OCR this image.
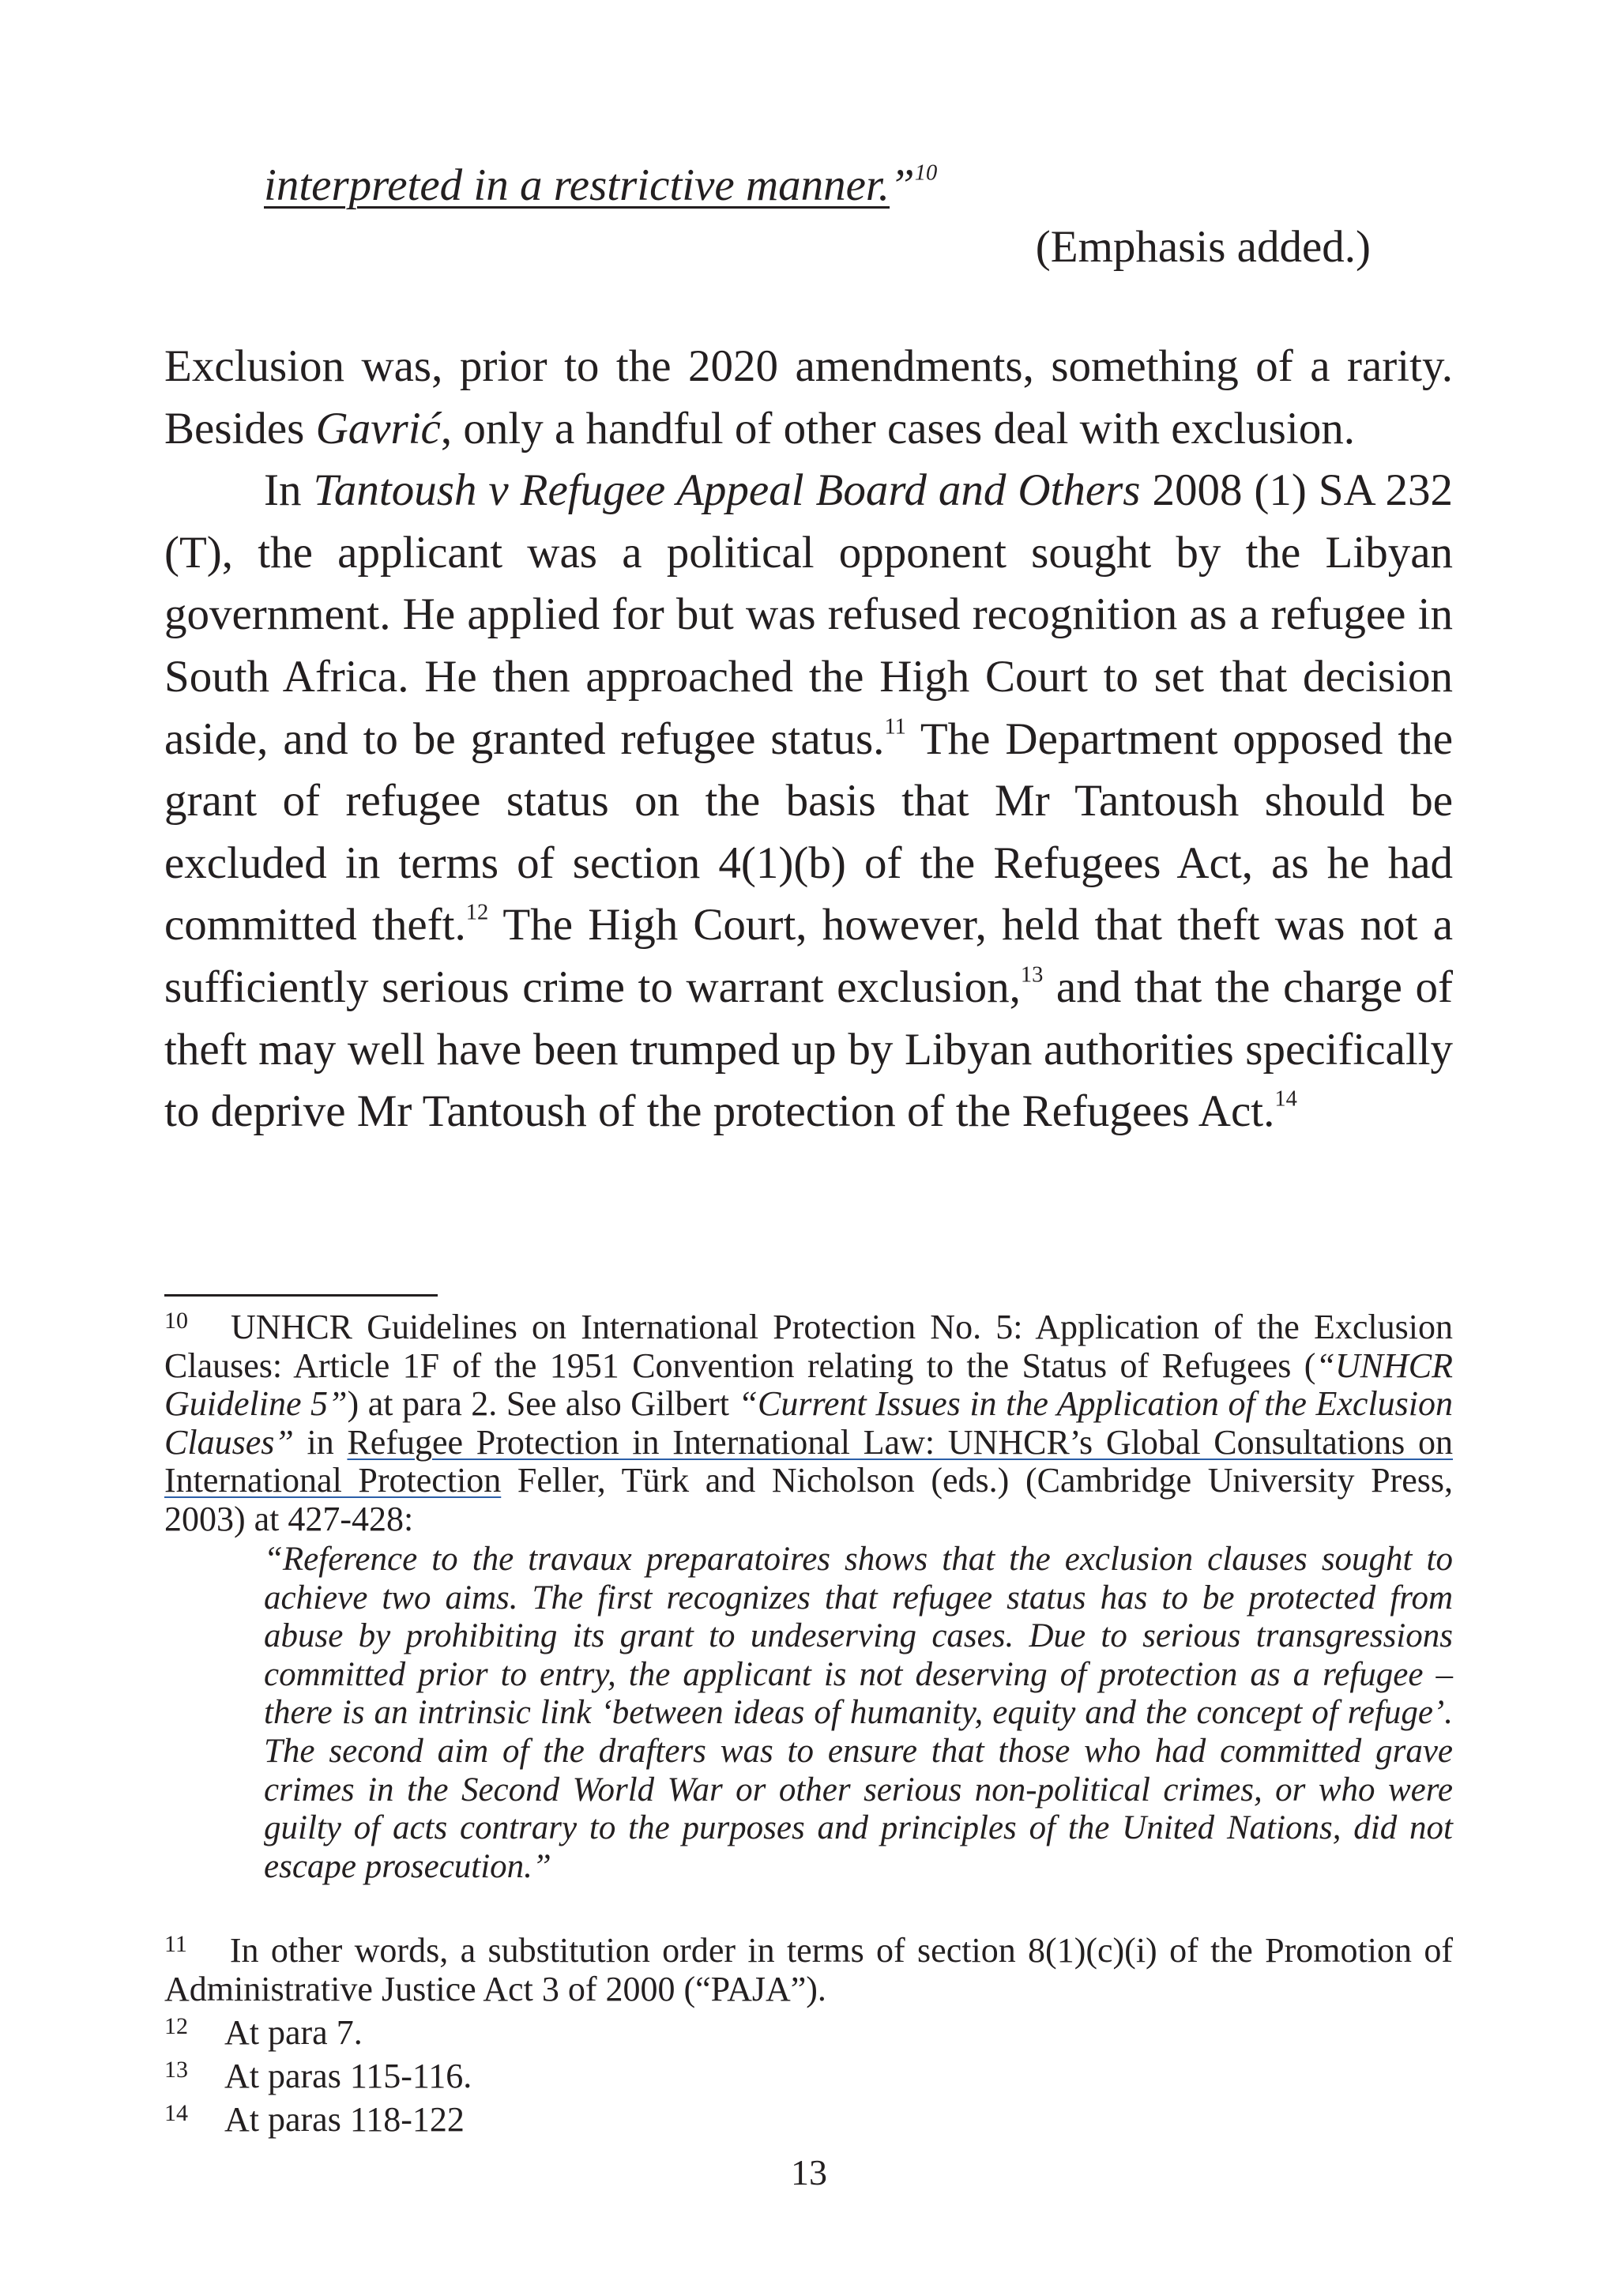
interpreted in a restrictive manner.”$^{10}$
(Emphasis added.)

Exclusion was, prior to the 2020 amendments, something of a rarity. Besides Gavrić, only a handful of other cases deal with exclusion.

In Tantoush v Refugee Appeal Board and Others 2008 (1) SA 232 (T), the applicant was a political opponent sought by the Libyan government. He applied for but was refused recognition as a refugee in South Africa. He then approached the High Court to set that decision aside, and to be granted refugee status.$^{11}$ The Department opposed the grant of refugee status on the basis that Mr Tantoush should be excluded in terms of section 4(1)(b) of the Refugees Act, as he had committed theft.$^{12}$ The High Court, however, held that theft was not a sufficiently serious crime to warrant exclusion,$^{13}$ and that the charge of theft may well have been trumped up by Libyan authorities specifically to deprive Mr Tantoush of the protection of the Refugees Act.$^{14}$

$^{10}$ UNHCR Guidelines on International Protection No. 5: Application of the Exclusion Clauses: Article 1F of the 1951 Convention relating to the Status of Refugees (“UNHCR Guideline 5”) at para 2. See also Gilbert “Current Issues in the Application of the Exclusion Clauses” in Refugee Protection in International Law: UNHCR’s Global Consultations on International Protection Feller, Türk and Nicholson (eds.) (Cambridge University Press, 2003) at 427-428:
“Reference to the travaux preparatoires shows that the exclusion clauses sought to achieve two aims. The first recognizes that refugee status has to be protected from abuse by prohibiting its grant to undeserving cases. Due to serious transgressions committed prior to entry, the applicant is not deserving of protection as a refugee – there is an intrinsic link ‘between ideas of humanity, equity and the concept of refuge’. The second aim of the drafters was to ensure that those who had committed grave crimes in the Second World War or other serious non-political crimes, or who were guilty of acts contrary to the purposes and principles of the United Nations, did not escape prosecution.”
$^{11}$ In other words, a substitution order in terms of section 8(1)(c)(i) of the Promotion of Administrative Justice Act 3 of 2000 (“PAJA”).
12 At para 7.
13 At paras 115-116.
14 At paras 118-122
13
